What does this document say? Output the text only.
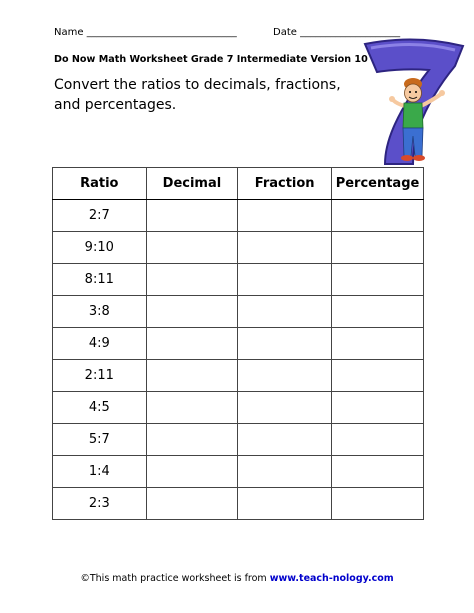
Name ______________________________	Date ____________________
Do Now Math Worksheet Grade 7 Intermediate Version 10
Convert the ratios to decimals, fractions, and percentages.
Ratio	Decimal	Fraction	Percentage
2:7			
9:10			
8:11			
3:8			
4:9			
2:11			
4:5			
5:7			
1:4			
2:3			
©This math practice worksheet is from www.teach-nology.com
